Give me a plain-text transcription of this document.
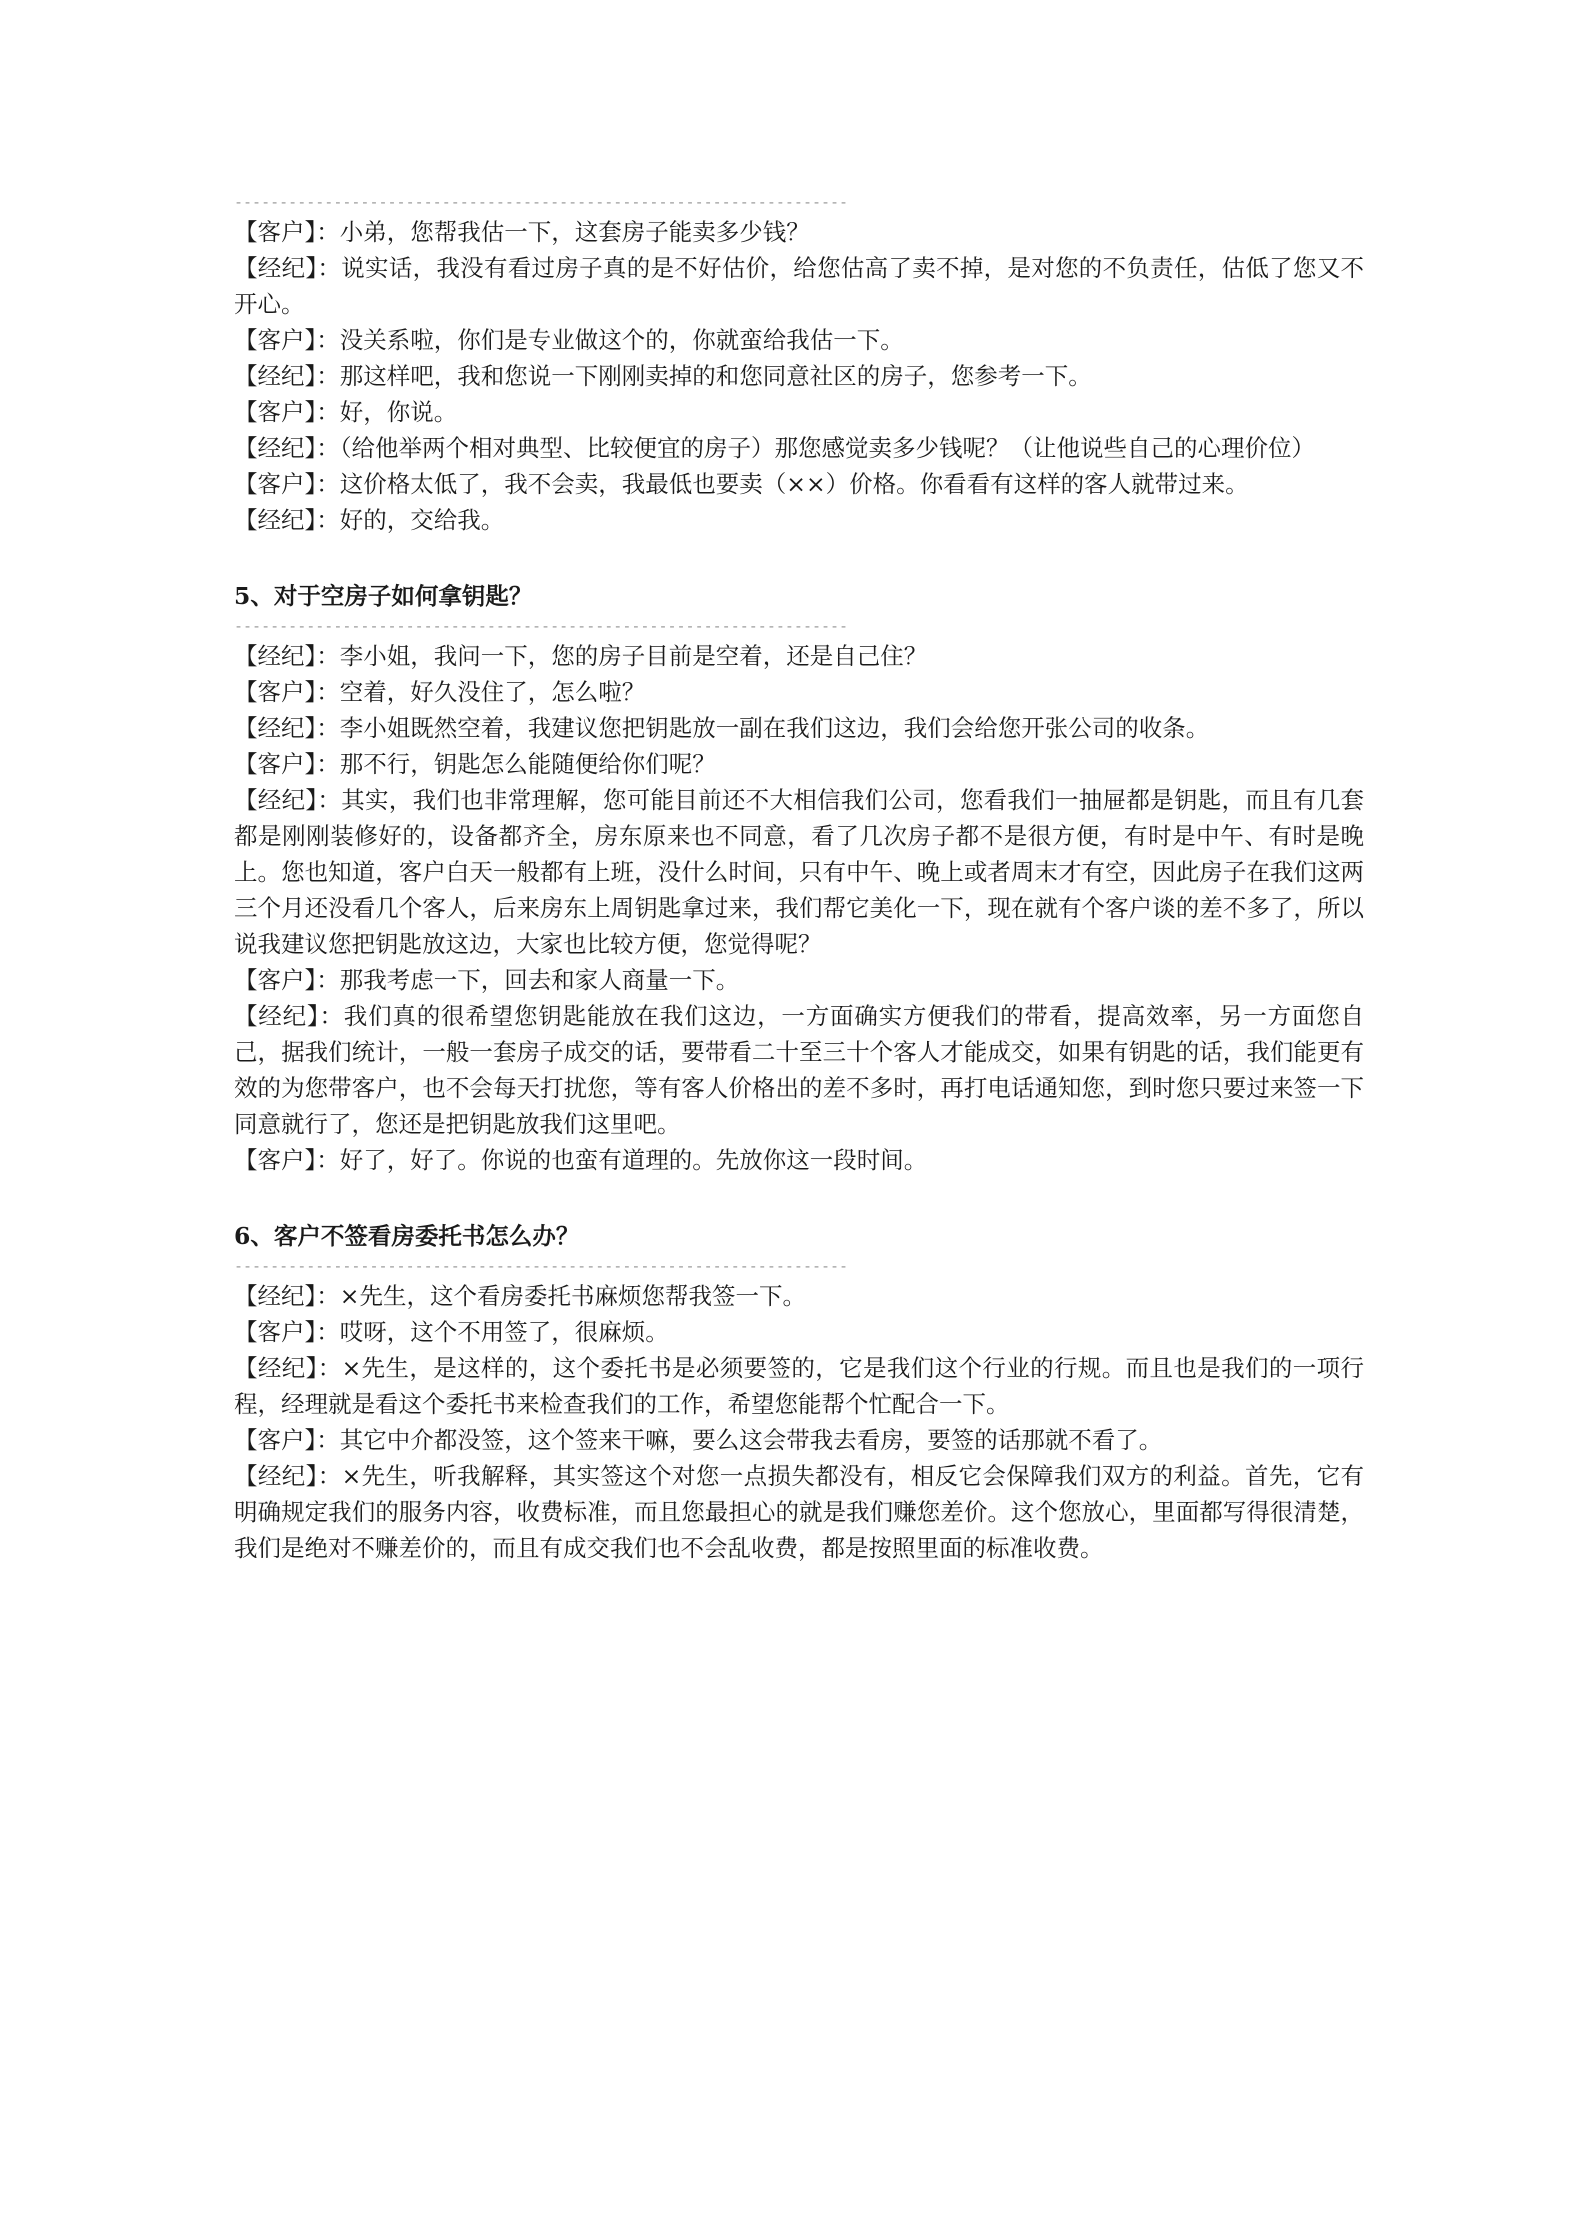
--------------------------------------------------------------------

【客户】：小弟，您帮我估一下，这套房子能卖多少钱？

【经纪】：说实话，我没有看过房子真的是不好估价，给您估高了卖不掉，是对您的不负责任，估低了您又不开心。

【客户】：没关系啦，你们是专业做这个的，你就蛮给我估一下。

【经纪】：那这样吧，我和您说一下刚刚卖掉的和您同意社区的房子，您参考一下。

【客户】：好，你说。

【经纪】：（给他举两个相对典型、比较便宜的房子）那您感觉卖多少钱呢？（让他说些自己的心理价位）

【客户】：这价格太低了，我不会卖，我最低也要卖（××）价格。你看看有这样的客人就带过来。

【经纪】：好的，交给我。

5、对于空房子如何拿钥匙？
--------------------------------------------------------------------

【经纪】：李小姐，我问一下，您的房子目前是空着，还是自己住？

【客户】：空着，好久没住了，怎么啦？

【经纪】：李小姐既然空着，我建议您把钥匙放一副在我们这边，我们会给您开张公司的收条。

【客户】：那不行，钥匙怎么能随便给你们呢？

【经纪】：其实，我们也非常理解，您可能目前还不大相信我们公司，您看我们一抽屉都是钥匙，而且有几套都是刚刚装修好的，设备都齐全，房东原来也不同意，看了几次房子都不是很方便，有时是中午、有时是晚上。您也知道，客户白天一般都有上班，没什么时间，只有中午、晚上或者周末才有空，因此房子在我们这两三个月还没看几个客人，后来房东上周钥匙拿过来，我们帮它美化一下，现在就有个客户谈的差不多了，所以说我建议您把钥匙放这边，大家也比较方便，您觉得呢？

【客户】：那我考虑一下，回去和家人商量一下。

【经纪】：我们真的很希望您钥匙能放在我们这边，一方面确实方便我们的带看，提高效率，另一方面您自己，据我们统计，一般一套房子成交的话，要带看二十至三十个客人才能成交，如果有钥匙的话，我们能更有效的为您带客户，也不会每天打扰您，等有客人价格出的差不多时，再打电话通知您，到时您只要过来签一下同意就行了，您还是把钥匙放我们这里吧。

【客户】：好了，好了。你说的也蛮有道理的。先放你这一段时间。

6、客户不签看房委托书怎么办？
--------------------------------------------------------------------

【经纪】：×先生，这个看房委托书麻烦您帮我签一下。

【客户】：哎呀，这个不用签了，很麻烦。

【经纪】：×先生，是这样的，这个委托书是必须要签的，它是我们这个行业的行规。而且也是我们的一项行程，经理就是看这个委托书来检查我们的工作，希望您能帮个忙配合一下。

【客户】：其它中介都没签，这个签来干嘛，要么这会带我去看房，要签的话那就不看了。

【经纪】：×先生，听我解释，其实签这个对您一点损失都没有，相反它会保障我们双方的利益。首先，它有明确规定我们的服务内容，收费标准，而且您最担心的就是我们赚您差价。这个您放心，里面都写得很清楚，我们是绝对不赚差价的，而且有成交我们也不会乱收费，都是按照里面的标准收费。
